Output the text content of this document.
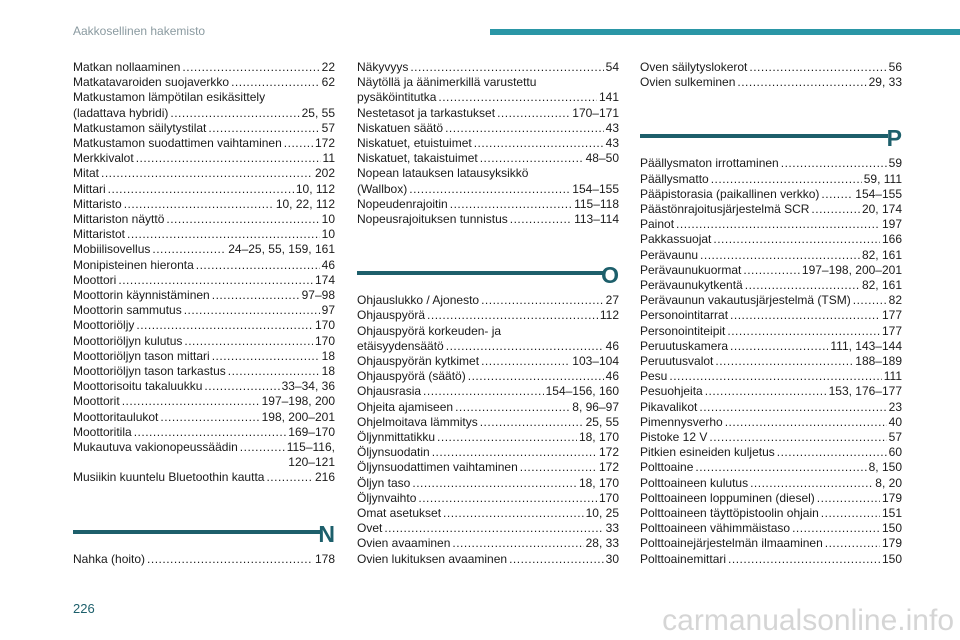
Aakkosellinen hakemisto
Matkan nollaaminen .....	22
Matkatavaroiden suojaverkko .....	62
Matkustamon lämpötilan esikäsittely
(ladattava hybridi) .....	25, 55
Matkustamon säilytystilat .....	57
Matkustamon suodattimen vaihtaminen .....	172
Merkkivalot .....	11
Mitat .....	202
Mittari .....	10, 112
Mittaristo .....	10, 22, 112
Mittariston näyttö .....	10
Mittaristot .....	10
Mobiilisovellus .....	24–25, 55, 159, 161
Monipisteinen hieronta .....	46
Moottori .....	174
Moottorin käynnistäminen .....	97–98
Moottorin sammutus .....	97
Moottoriöljy .....	170
Moottoriöljyn kulutus .....	170
Moottoriöljyn tason mittari .....	18
Moottoriöljyn tason tarkastus .....	18
Moottorisoitu takaluukku .....	33–34, 36
Moottorit .....	197–198, 200
Moottoritaulukot .....	198, 200–201
Moottoritila .....	169–170
Mukautuva vakionopeussäädin .....	115–116,
120–121
Musiikin kuuntelu Bluetoothin kautta .....	216
N
Nahka (hoito) .....	178
Näkyvyys .....	54
Näytöllä ja äänimerkillä varustettu
pysäköintitutka .....	141
Nestetasot ja tarkastukset .....	170–171
Niskatuen säätö .....	43
Niskatuet, etuistuimet .....	43
Niskatuet, takaistuimet .....	48–50
Nopean latauksen latausyksikkö
(Wallbox) .....	154–155
Nopeudenrajoitin .....	115–118
Nopeusrajoituksen tunnistus .....	113–114
O
Ohjauslukko / Ajonesto .....	27
Ohjauspyörä .....	112
Ohjauspyörä korkeuden- ja
etäisyydensäätö .....	46
Ohjauspyörän kytkimet .....	103–104
Ohjauspyörä (säätö) .....	46
Ohjausrasia .....	154–156, 160
Ohjeita ajamiseen .....	8, 96–97
Ohjelmoitava lämmitys .....	25, 55
Öljynmittatikku .....	18, 170
Öljynsuodatin .....	172
Öljynsuodattimen vaihtaminen .....	172
Öljyn taso .....	18, 170
Öljynvaihto .....	170
Omat asetukset .....	10, 25
Ovet .....	33
Ovien avaaminen .....	28, 33
Ovien lukituksen avaaminen .....	30
Oven säilytyslokerot .....	56
Ovien sulkeminen .....	29, 33
P
Päällysmaton irrottaminen .....	59
Päällysmatto .....	59, 111
Pääpistorasia (paikallinen verkko) .....	154–155
Päästönrajoitusjärjestelmä SCR .....	20, 174
Painot .....	197
Pakkassuojat .....	166
Perävaunu .....	82, 161
Perävaunukuormat .....	197–198, 200–201
Perävaunukytkentä .....	82, 161
Perävaunun vakautusjärjestelmä (TSM) .....	82
Personointitarrat .....	177
Personointiteipit .....	177
Peruutuskamera .....	111, 143–144
Peruutusvalot .....	188–189
Pesu .....	111
Pesuohjeita .....	153, 176–177
Pikavalikot .....	23
Pimennysverho .....	40
Pistoke 12 V .....	57
Pitkien esineiden kuljetus .....	60
Polttoaine .....	8, 150
Polttoaineen kulutus .....	8, 20
Polttoaineen loppuminen (diesel) .....	179
Polttoaineen täyttöpistoolin ohjain .....	151
Polttoaineen vähimmäistaso .....	150
Polttoainejärjestelmän ilmaaminen .....	179
Polttoainemittari .....	150
226	carmanualsonline.info
